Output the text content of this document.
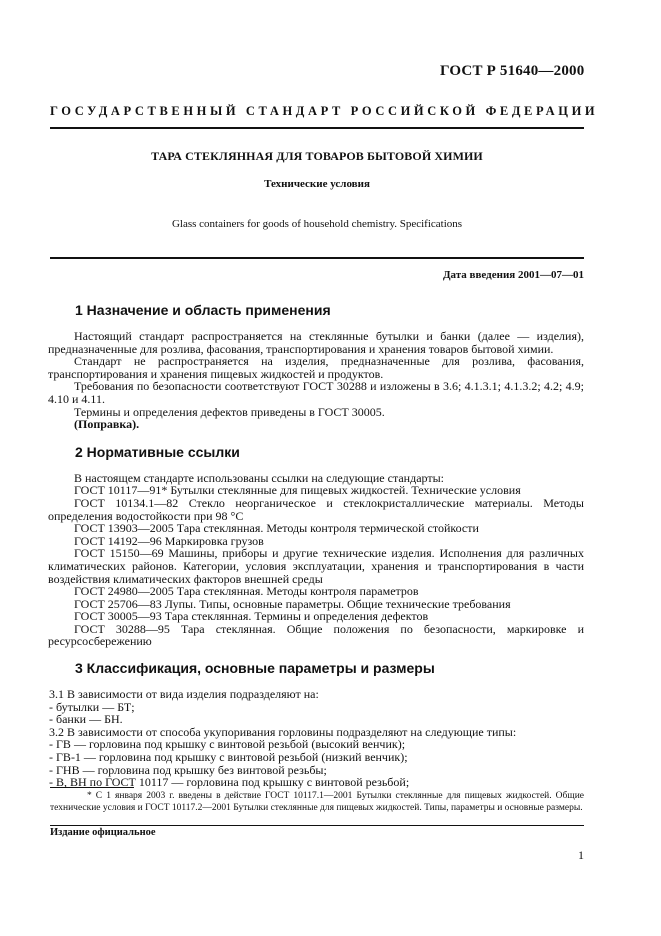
ГОСТ Р 51640—2000
ГОСУДАРСТВЕННЫЙ СТАНДАРТ РОССИЙСКОЙ ФЕДЕРАЦИИ
ТАРА СТЕКЛЯННАЯ ДЛЯ ТОВАРОВ БЫТОВОЙ ХИМИИ
Технические условия
Glass containers for goods of household chemistry. Specifications
Дата введения 2001—07—01
1 Назначение и область применения

Настоящий стандарт распространяется на стеклянные бутылки и банки (далее — изделия), предназначенные для розлива, фасования, транспортирования и хранения товаров бытовой химии.

Стандарт не распространяется на изделия, предназначенные для розлива, фасования, транспортирования и хранения пищевых жидкостей и продуктов.

Требования по безопасности соответствуют ГОСТ 30288 и изложены в 3.6; 4.1.3.1; 4.1.3.2; 4.2; 4.9; 4.10 и 4.11.

Термины и определения дефектов приведены в ГОСТ 30005.

(Поправка).

2 Нормативные ссылки

В настоящем стандарте использованы ссылки на следующие стандарты:

ГОСТ 10117—91* Бутылки стеклянные для пищевых жидкостей. Технические условия

ГОСТ 10134.1—82 Стекло неорганическое и стеклокристаллические материалы. Методы определения водостойкости при 98 °С

ГОСТ 13903—2005 Тара стеклянная. Методы контроля термической стойкости

ГОСТ 14192—96 Маркировка грузов

ГОСТ 15150—69 Машины, приборы и другие технические изделия. Исполнения для различных климатических районов. Категории, условия эксплуатации, хранения и транспортирования в части воздействия климатических факторов внешней среды

ГОСТ 24980—2005 Тара стеклянная. Методы контроля параметров

ГОСТ 25706—83 Лупы. Типы, основные параметры. Общие технические требования

ГОСТ 30005—93 Тара стеклянная. Термины и определения дефектов

ГОСТ 30288—95 Тара стеклянная. Общие положения по безопасности, маркировке и ресурсосбережению

3 Классификация, основные параметры и размеры

3.1 В зависимости от вида изделия подразделяют на:

- бутылки — БТ;

- банки — БН.

3.2 В зависимости от способа укупоривания горловины подразделяют на следующие типы:

- ГВ — горловина под крышку с винтовой резьбой (высокий венчик);

- ГВ-1 — горловина под крышку с винтовой резьбой (низкий венчик);

- ГНВ — горловина под крышку без винтовой резьбы;

- В, ВН по ГОСТ 10117 — горловина под крышку с винтовой резьбой;

* С 1 января 2003 г. введены в действие ГОСТ 10117.1—2001 Бутылки стеклянные для пищевых жидкостей. Общие технические условия и ГОСТ 10117.2—2001 Бутылки стеклянные для пищевых жидкостей. Типы, параметры и основные размеры.
Издание официальное
1
